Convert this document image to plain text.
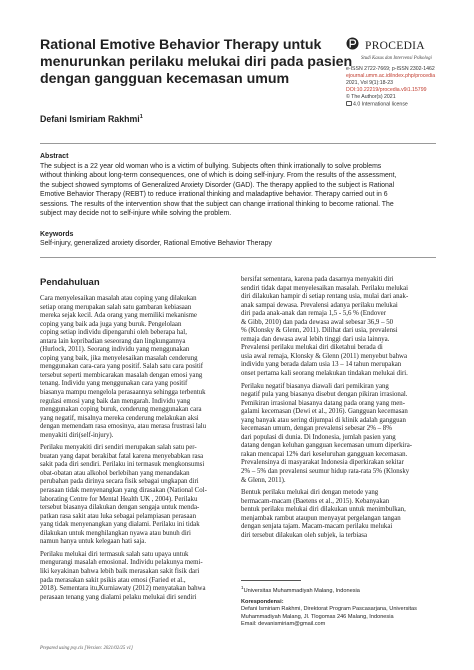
Rational Emotive Behavior Therapy untuk
menurunkan perilaku melukai diri pada pasien
dengan gangguan kecemasan umum
PROCEDIA
Studi Kasus dan Intervensi Psikologi
e-ISSN 2722-7669; p-ISSN 2302-1462
ejournal.umm.ac.id/index.php/procedia
2021, Vol 9(1):18-23
DOI:10.22219/procedia.v9i1.15799
© The Author(s) 2021
4.0 International license
Defani Ismiriam Rakhmi$^1$
Abstract
The subject is a 22 year old woman who is a victim of bullying. Subjects often think irrationally to solve problems
without thinking about long-term consequences, one of which is doing self-injury. From the results of the assessment,
the subject showed symptoms of Generalized Anxiety Disorder (GAD). The therapy applied to the subject is Rational
Emotive Behavior Therapy (REBT) to reduce irrational thinking and maladaptive behavior. Therapy carried out in 6
sessions. The results of the intervention show that the subject can change irrational thinking to become rational. The
subject may decide not to self-injure while solving the problem.
Keywords
Self-injury, generalized anxiety disorder, Rational Emotive Behavior Therapy
Pendahuluan
Cara menyelesaikan masalah atau coping yang dilakukan
setiap orang merupakan salah satu gambaran kebiasaan
mereka sejak kecil. Ada orang yang memiliki mekanisme
coping yang baik ada juga yang buruk. Pengelolaan
coping setiap individu dipengaruhi oleh beberapa hal,
antara lain kepribadian seseorang dan lingkungannya
(Hurlock, 2011). Seorang individu yang menggunakan
coping yang baik, jika menyelesaikan masalah cenderung
menggunakan cara-cara yang positif. Salah satu cara positif
tersebut seperti membicarakan masalah dengan emosi yang
tenang. Individu yang menggunakan cara yang positif
biasanya mampu mengelola perasaannya sehingga terbentuk
regulasi emosi yang baik dan mengarah. Individu yang
menggunakan coping buruk, cenderung menggunakan cara
yang negatif, misalnya mereka cenderung melakukan aksi
dengan memendam rasa emosinya, atau merasa frustrasi lalu
menyakiti diri(self-injury).
Perilaku menyakiti diri sendiri merupakan salah satu per-
buatan yang dapat berakibat fatal karena menyebabkan rasa
sakit pada diri sendiri. Perilaku ini termasuk mengkonsumsi
obat-obatan atau alkohol berlebihan yang menandakan
perubahan pada dirinya secara fisik sebagai ungkapan diri
perasaan tidak menyenangkan yang dirasakan (National Col-
laborating Centre for Mental Health UK , 2004). Perilaku
tersebut biasanya dilakukan dengan sengaja untuk menda-
patkan rasa sakit atau luka sebagai pelampiasan perasaan
yang tidak menyenangkan yang dialami. Perilaku ini tidak
dilakukan untuk menghilangkan nyawa atau bunuh diri
namun hanya untuk kelegaan hati saja.
Perilaku melukai diri termasuk salah satu upaya untuk
mengurangi masalah emosional. Individu pelakunya memi-
liki keyakinan bahwa lebih baik merasakan sakit fisik dari
pada merasakan sakit psikis atau emosi (Faried et al.,
2018). Sementara itu,Kurniawaty (2012) menyatakan bahwa
perasaan tenang yang dialami pelaku melukai diri sendiri
bersifat sementara, karena pada dasarnya menyakiti diri
sendiri tidak dapat menyelesaikan masalah. Perilaku melukai
diri dilakukan hampir di setiap rentang usia, mulai dari anak-
anak sampai dewasa. Prevalensi adanya perilaku melukai
diri pada anak-anak dan remaja 1,5 - 5,6 % (Endover
& Gibb, 2010) dan pada dewasa awal sebesar 36,9 – 50
% (Klonsky & Glenn, 2011). Dilihat dari usia, prevalensi
remaja dan dewasa awal lebih tinggi dari usia lainnya.
Prevalensi perilaku melukai diri diketahui berada di
usia awal remaja, Klonsky & Glenn (2011) menyebut bahwa
individu yang berada dalam usia 13 – 14 tahun merupakan
onset pertama kali seorang melakukan tindakan melukai diri.
Perilaku negatif biasanya diawali dari pemikiran yang
negatif pula yang biasanya disebut dengan pikiran irrasional.
Pemikiran irrasional biasanya datang pada orang yang men-
galami kecemasan (Dewi et al., 2016). Gangguan kecemasan
yang banyak atau sering dijumpai di klinik adalah gangguan
kecemasan umum, dengan prevalensi sebesar 2% – 8%
dari populasi di dunia. Di Indonesia, jumlah pasien yang
datang dengan keluhan gangguan kecemasan umum diperkira-
rakan mencapai 12% dari keseluruhan gangguan kecemasan.
Prevalensinya di masyarakat Indonesia diperkirakan sekitar
2% – 5% dan prevalensi seumur hidup rata-rata 5% (Klonsky
& Glenn, 2011).
Bentuk perilaku melukai diri dengan metode yang
bermacam-macam (Baetens et al., 2015). Kebanyakan
bentuk perilaku melukai diri dilakukan untuk menimbulkan,
menjambak rambut ataupun menyayat pergelangan tangan
dengan senjata tajam. Macam-macam perilaku melukai
diri tersebut dilakukan oleh subjek, ia terbiasa
$^1$Universitas Muhammadiyah Malang, Indonesia
Korespondensi:
Defani Ismiriam Rakhmi, Direktorat Program Pascasarjana, Universitas
Muhammadiyah Malang, Jl. Tlogomas 246 Malang, Indonesia
Email: devanismiriam@gmail.com
Prepared using psy.cls [Version: 2021/02/25 v1]
